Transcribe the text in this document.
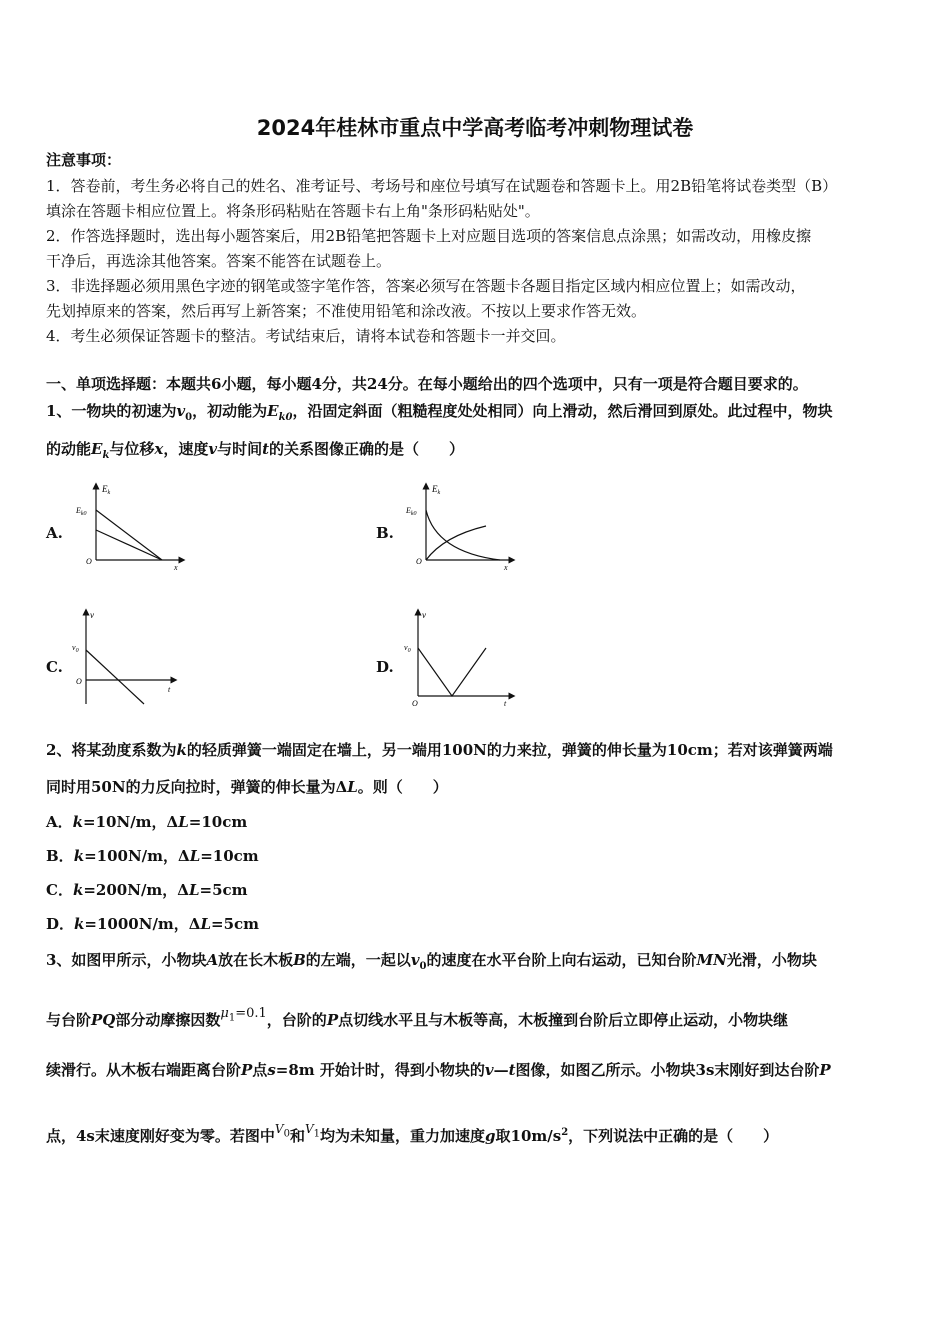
2024年桂林市重点中学高考临考冲刺物理试卷
注意事项：
1．答卷前，考生务必将自己的姓名、准考证号、考场号和座位号填写在试题卷和答题卡上。用2B铅笔将试卷类型（B）
填涂在答题卡相应位置上。将条形码粘贴在答题卡右上角"条形码粘贴处"。
2．作答选择题时，选出每小题答案后，用2B铅笔把答题卡上对应题目选项的答案信息点涂黑；如需改动，用橡皮擦
干净后，再选涂其他答案。答案不能答在试题卷上。
3．非选择题必须用黑色字迹的钢笔或签字笔作答，答案必须写在答题卡各题目指定区域内相应位置上；如需改动，
先划掉原来的答案，然后再写上新答案；不准使用铅笔和涂改液。不按以上要求作答无效。
4．考生必须保证答题卡的整洁。考试结束后，请将本试卷和答题卡一并交回。
一、单项选择题：本题共6小题，每小题4分，共24分。在每小题给出的四个选项中，只有一项是符合题目要求的。
1、一物块的初速为$v_0$，初动能为$E_{k0}$，沿固定斜面（粗糙程度处处相同）向上滑动，然后滑回到原处。此过程中，物块
的动能$E_k$与位移x，速度v与时间t的关系图像正确的是（　　）
A.	B.
C.	D.
$E_k$
$E_{k0}$
O
x
$E_k$
$E_{k0}$
O
x
v
$v_0$
O
t
v
$v_0$
O	t
2、将某劲度系数为k的轻质弹簧一端固定在墙上，另一端用100N的力来拉，弹簧的伸长量为10cm；若对该弹簧两端
同时用50N的力反向拉时，弹簧的伸长量为ΔL。则（　　）
A．k=10N/m，ΔL=10cm
B．k=100N/m，ΔL=10cm
C．k=200N/m，ΔL=5cm
D．k=1000N/m，ΔL=5cm
3、如图甲所示，小物块A放在长木板B的左端，一起以$v_0$的速度在水平台阶上向右运动，已知台阶MN光滑，小物块
与台阶PQ部分动摩擦因数$\mu_1=0.1$，台阶的P点切线水平且与木板等高，木板撞到台阶后立即停止运动，小物块继
续滑行。从木板右端距离台阶P点s=8m 开始计时，得到小物块的v—t图像，如图乙所示。小物块3s末刚好到达台阶P
点，4s末速度刚好变为零。若图中$^{V_0}$和$^{V_1}$均为未知量，重力加速度g取$10m/s^2$，下列说法中正确的是（　　）
